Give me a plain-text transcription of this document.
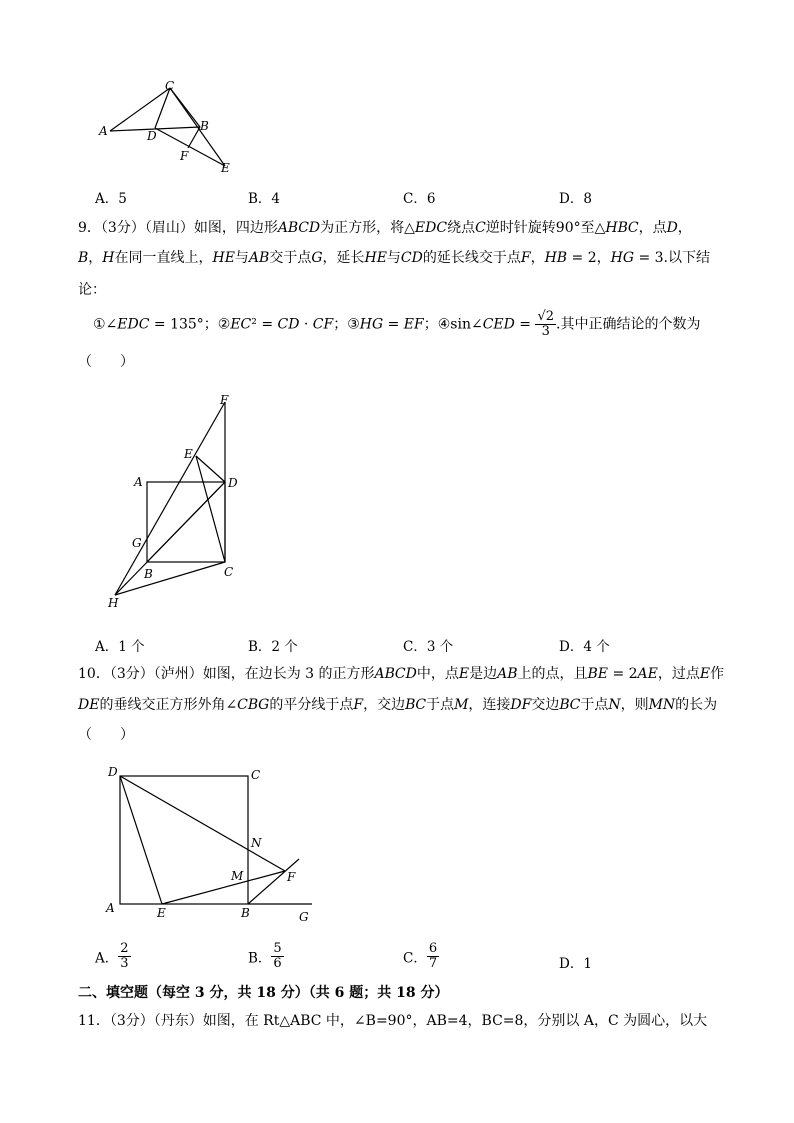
C
A	D
B
F
E
A．5	B．4	C．6	D．8
9．（3分）（眉山）如图，四边形𝐴𝐵𝐶𝐷为正方形，将△𝐸𝐷𝐶绕点𝐶逆时针旋转90°至△𝐻𝐵𝐶，点𝐷，
𝐵，𝐻在同一直线上，𝐻𝐸与𝐴𝐵交于点𝐺，延长𝐻𝐸与𝐶𝐷的延长线交于点𝐹，𝐻𝐵 = 2，𝐻𝐺 = 3.以下结
论：
①∠𝐸𝐷𝐶 = 135°；②𝐸𝐶² = 𝐶𝐷 · 𝐶𝐹；③𝐻𝐺 = 𝐸𝐹；④sin∠𝐶𝐸𝐷 = $\frac{√2}{3}$ .其中正确结论的个数为
（　　）
F
E
A	D
G
B	C
H
A．1 个	B．2 个	C．3 个	D．4 个
10．（3分）（泸州）如图，在边长为 3 的正方形𝐴𝐵𝐶𝐷中，点𝐸是边𝐴𝐵上的点，且𝐵𝐸 = 2𝐴𝐸，过点𝐸作
𝐷𝐸的垂线交正方形外角∠𝐶𝐵𝐺的平分线于点𝐹，交边𝐵𝐶于点𝑀，连接𝐷𝐹交边𝐵𝐶于点𝑁，则𝑀𝑁的长为
（　　）
D	C
N
M	F
A	E	B	G
A． $\frac{2}{3}$	B． $\frac{5}{6}$	C． $\frac{6}{7}$	D．1
二、填空题（每空 3 分，共 18 分）（共 6 题；共 18 分）
11．（3分）（丹东）如图，在 Rt△ABC 中，∠B=90°，AB=4，BC=8，分别以 A，C 为圆心，以大
